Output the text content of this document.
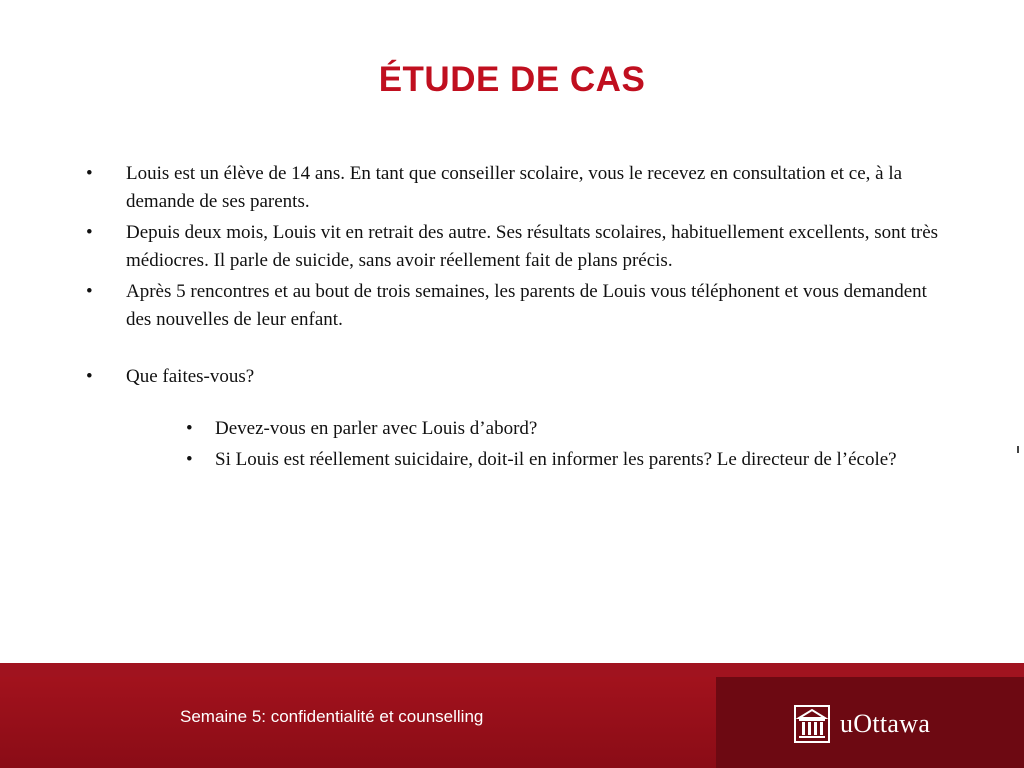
ÉTUDE DE CAS
• Louis est un élève de 14 ans. En tant que conseiller scolaire, vous le recevez en consultation et ce, à la demande de ses parents.
• Depuis deux mois, Louis vit en retrait des autre. Ses résultats scolaires, habituellement excellents, sont très médiocres. Il parle de suicide, sans avoir réellement fait de plans précis.
• Après 5 rencontres et au bout de trois semaines, les parents de Louis vous téléphonent et vous demandent des nouvelles de leur enfant.
• Que faites-vous?
• Devez-vous en parler avec Louis d’abord?
• Si Louis est réellement suicidaire, doit-il en informer les parents? Le directeur de l’école?
Semaine 5: confidentialité et counselling	uOttawa
